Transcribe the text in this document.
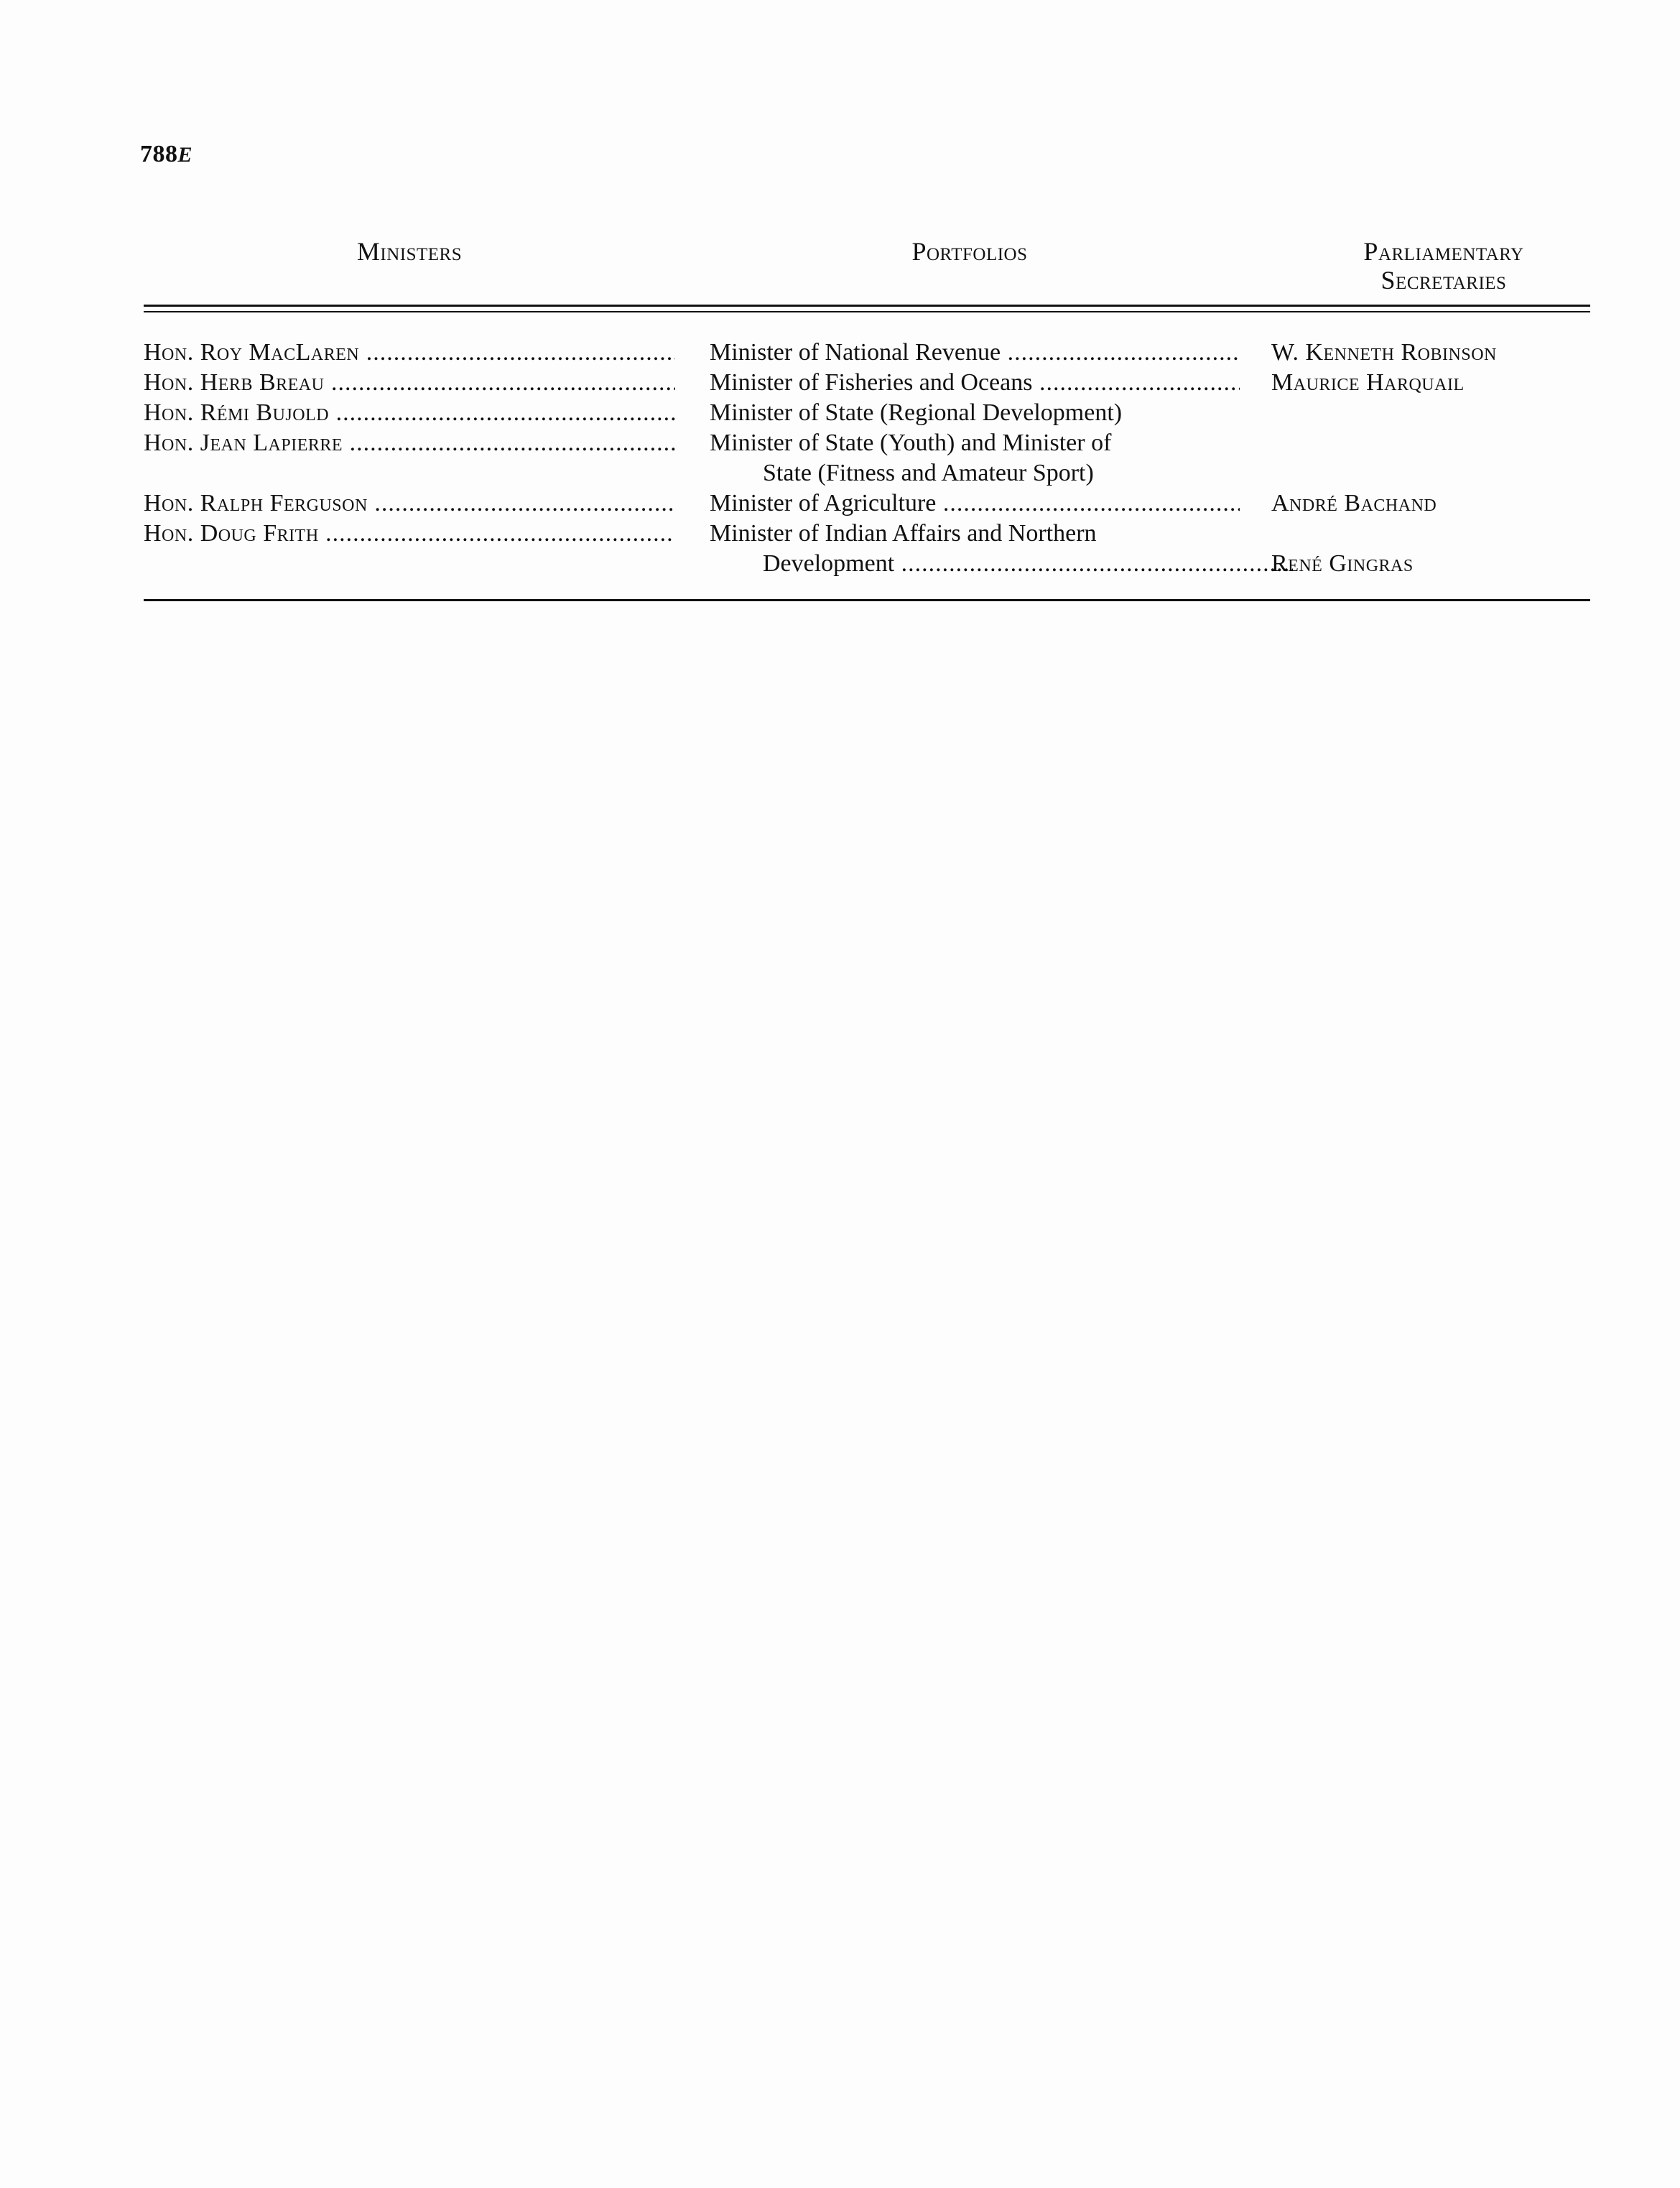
788E
Ministers	Portfolios	Parliamentary
Secretaries
Hon. Roy MacLaren .....	Minister of National Revenue .....	W. Kenneth Robinson
Hon. Herb Breau .....	Minister of Fisheries and Oceans .....	Maurice Harquail
Hon. Rémi Bujold .....	Minister of State (Regional Development)
Hon. Jean Lapierre .....	Minister of State (Youth) and Minister of
State (Fitness and Amateur Sport)
Hon. Ralph Ferguson .....	Minister of Agriculture .....	André Bachand
Hon. Doug Frith .....	Minister of Indian Affairs and Northern
Development .....	René Gingras
